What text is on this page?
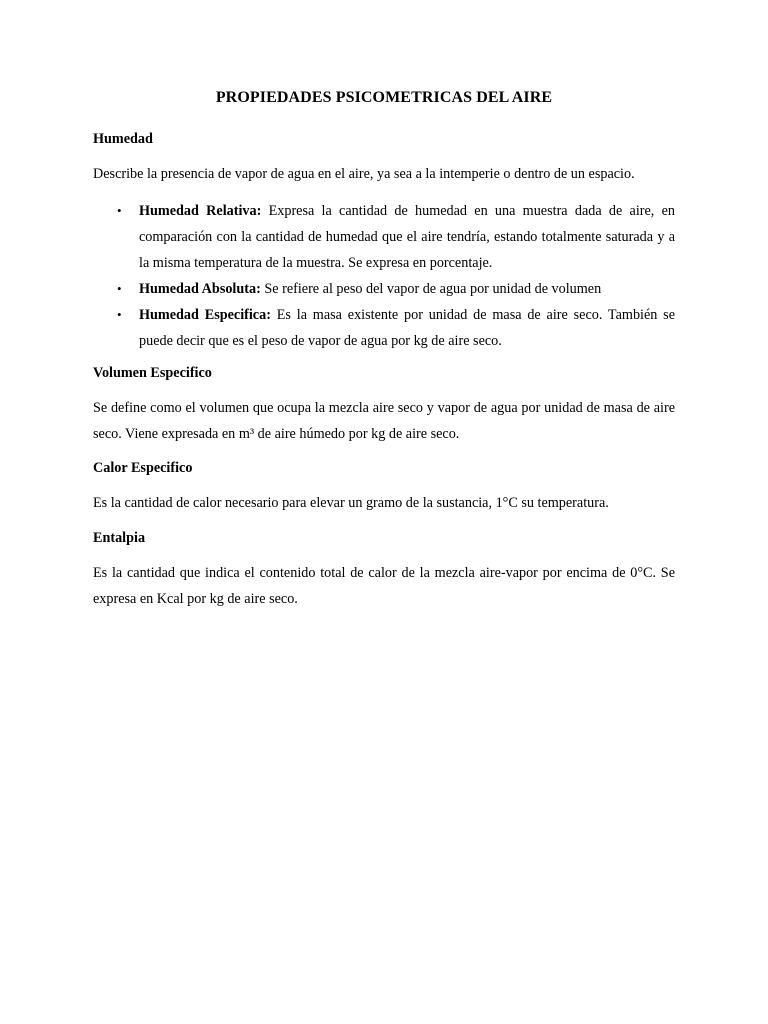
PROPIEDADES PSICOMETRICAS DEL AIRE
Humedad

Describe la presencia de vapor de agua en el aire, ya sea a la intemperie o dentro de un espacio.

• Humedad Relativa: Expresa la cantidad de humedad en una muestra dada de aire, en comparación con la cantidad de humedad que el aire tendría, estando totalmente saturada y a la misma temperatura de la muestra. Se expresa en porcentaje.
• Humedad Absoluta: Se refiere al peso del vapor de agua por unidad de volumen
• Humedad Especifica: Es la masa existente por unidad de masa de aire seco. También se puede decir que es el peso de vapor de agua por kg de aire seco.
Volumen Especifico

Se define como el volumen que ocupa la mezcla aire seco y vapor de agua por unidad de masa de aire seco. Viene expresada en m³ de aire húmedo por kg de aire seco.

Calor Especifico

Es la cantidad de calor necesario para elevar un gramo de la sustancia, 1°C su temperatura.

Entalpia

Es la cantidad que indica el contenido total de calor de la mezcla aire-vapor por encima de 0°C. Se expresa en Kcal por kg de aire seco.
